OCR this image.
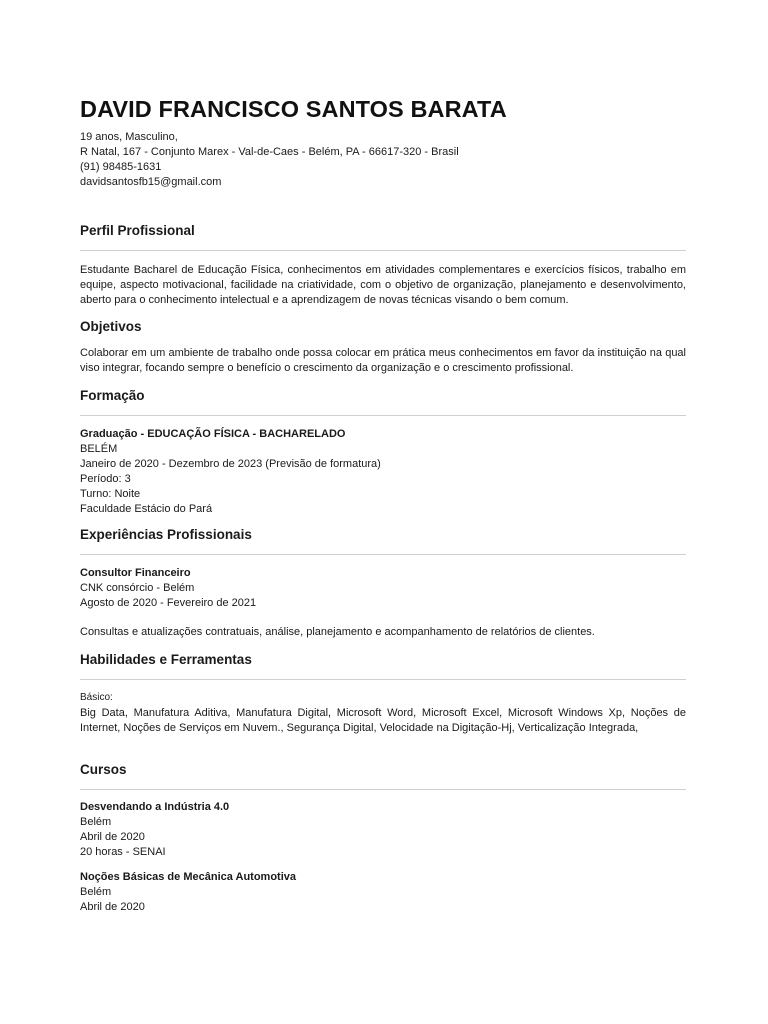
DAVID FRANCISCO SANTOS BARATA
19 anos, Masculino,
R Natal, 167 - Conjunto Marex - Val-de-Caes - Belém, PA - 66617-320 - Brasil
(91) 98485-1631
davidsantosfb15@gmail.com
Perfil Profissional
Estudante Bacharel de Educação Física, conhecimentos em atividades complementares e exercícios físicos, trabalho em equipe, aspecto motivacional, facilidade na criatividade, com o objetivo de organização, planejamento e desenvolvimento, aberto para o conhecimento intelectual e a aprendizagem de novas técnicas visando o bem comum.
Objetivos
Colaborar em um ambiente de trabalho onde possa colocar em prática meus conhecimentos em favor da instituição na qual viso integrar, focando sempre o benefício o crescimento da organização e o crescimento profissional.
Formação
Graduação - EDUCAÇÃO FÍSICA - BACHARELADO
BELÉM
Janeiro de 2020 - Dezembro de 2023 (Previsão de formatura)
Período: 3
Turno: Noite
Faculdade Estácio do Pará
Experiências Profissionais
Consultor Financeiro
CNK consórcio - Belém
Agosto de 2020 - Fevereiro de 2021
Consultas e atualizações contratuais, análise, planejamento e acompanhamento de relatórios de clientes.
Habilidades e Ferramentas
Básico:
Big Data, Manufatura Aditiva, Manufatura Digital, Microsoft Word, Microsoft Excel, Microsoft Windows Xp, Noções de Internet, Noções de Serviços em Nuvem., Segurança Digital, Velocidade na Digitação-Hj, Verticalização Integrada,
Cursos
Desvendando a Indústria 4.0
Belém
Abril de 2020
20 horas - SENAI
Noções Básicas de Mecânica Automotiva
Belém
Abril de 2020
